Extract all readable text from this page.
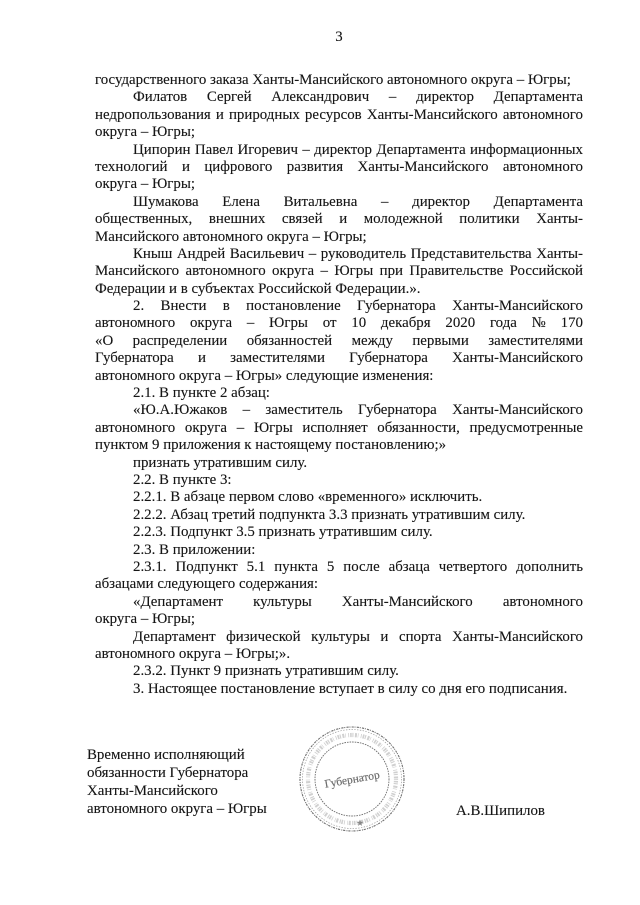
3
государственного заказа Ханты-Мансийского автономного округа – Югры;
Филатов Сергей Александрович – директор Департамента
недропользования и природных ресурсов Ханты-Мансийского автономного
округа – Югры;
Ципорин Павел Игоревич – директор Департамента информационных
технологий и цифрового развития Ханты-Мансийского автономного
округа – Югры;
Шумакова Елена Витальевна – директор Департамента
общественных, внешних связей и молодежной политики Ханты-
Мансийского автономного округа – Югры;
Кныш Андрей Васильевич – руководитель Представительства Ханты-
Мансийского автономного округа – Югры при Правительстве Российской
Федерации и в субъектах Российской Федерации.».
2. Внести в постановление Губернатора Ханты-Мансийского
автономного округа – Югры от 10 декабря 2020 года № 170
«О распределении обязанностей между первыми заместителями
Губернатора и заместителями Губернатора Ханты-Мансийского
автономного округа – Югры» следующие изменения:
2.1. В пункте 2 абзац:
«Ю.А.Южаков – заместитель Губернатора Ханты-Мансийского
автономного округа – Югры исполняет обязанности, предусмотренные
пунктом 9 приложения к настоящему постановлению;»
признать утратившим силу.
2.2. В пункте 3:
2.2.1. В абзаце первом слово «временного» исключить.
2.2.2. Абзац третий подпункта 3.3 признать утратившим силу.
2.2.3. Подпункт 3.5 признать утратившим силу.
2.3. В приложении:
2.3.1. Подпункт 5.1 пункта 5 после абзаца четвертого дополнить
абзацами следующего содержания:
«Департамент культуры Ханты-Мансийского автономного
округа – Югры;
Департамент физической культуры и спорта Ханты-Мансийского
автономного округа – Югры;».
2.3.2. Пункт 9 признать утратившим силу.
3. Настоящее постановление вступает в силу со дня его подписания.
Временно исполняющий
обязанности Губернатора
Ханты-Мансийского
автономного округа – Югры
Губернатор
А.В.Шипилов
